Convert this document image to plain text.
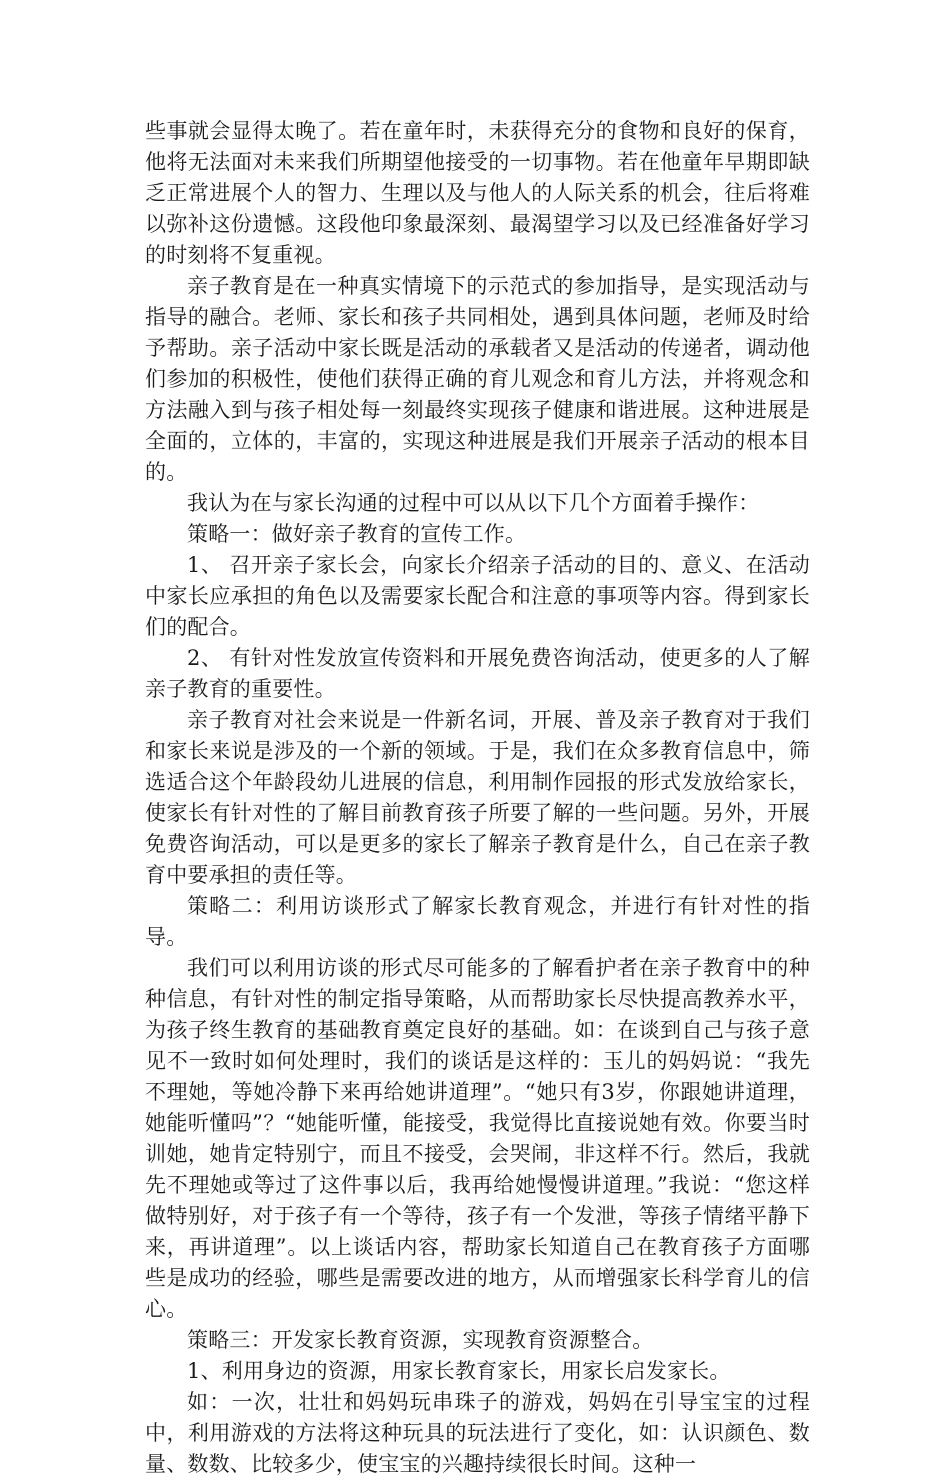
些事就会显得太晚了。若在童年时，未获得充分的食物和良好的保育，他将无法面对未来我们所期望他接受的一切事物。若在他童年早期即缺乏正常进展个人的智力、生理以及与他人的人际关系的机会，往后将难以弥补这份遗憾。这段他印象最深刻、最渴望学习以及已经准备好学习的时刻将不复重视。

亲子教育是在一种真实情境下的示范式的参加指导，是实现活动与指导的融合。老师、家长和孩子共同相处，遇到具体问题，老师及时给予帮助。亲子活动中家长既是活动的承载者又是活动的传递者，调动他们参加的积极性，使他们获得正确的育儿观念和育儿方法，并将观念和方法融入到与孩子相处每一刻最终实现孩子健康和谐进展。这种进展是全面的，立体的，丰富的，实现这种进展是我们开展亲子活动的根本目的。

我认为在与家长沟通的过程中可以从以下几个方面着手操作：

策略一：做好亲子教育的宣传工作。

1、 召开亲子家长会，向家长介绍亲子活动的目的、意义、在活动中家长应承担的角色以及需要家长配合和注意的事项等内容。得到家长们的配合。

2、 有针对性发放宣传资料和开展免费咨询活动，使更多的人了解亲子教育的重要性。

亲子教育对社会来说是一件新名词，开展、普及亲子教育对于我们和家长来说是涉及的一个新的领域。于是，我们在众多教育信息中，筛选适合这个年龄段幼儿进展的信息，利用制作园报的形式发放给家长，使家长有针对性的了解目前教育孩子所要了解的一些问题。另外，开展免费咨询活动，可以是更多的家长了解亲子教育是什么，自己在亲子教育中要承担的责任等。

策略二：利用访谈形式了解家长教育观念，并进行有针对性的指导。

我们可以利用访谈的形式尽可能多的了解看护者在亲子教育中的种种信息，有针对性的制定指导策略，从而帮助家长尽快提高教养水平，为孩子终生教育的基础教育奠定良好的基础。如：在谈到自己与孩子意见不一致时如何处理时，我们的谈话是这样的：玉儿的妈妈说：“我先不理她，等她冷静下来再给她讲道理”。“她只有3岁，你跟她讲道理，她能听懂吗”？“她能听懂，能接受，我觉得比直接说她有效。你要当时训她，她肯定特别宁，而且不接受，会哭闹，非这样不行。然后，我就先不理她或等过了这件事以后，我再给她慢慢讲道理。”我说：“您这样做特别好，对于孩子有一个等待，孩子有一个发泄，等孩子情绪平静下来，再讲道理”。以上谈话内容，帮助家长知道自己在教育孩子方面哪些是成功的经验，哪些是需要改进的地方，从而增强家长科学育儿的信心。

策略三：开发家长教育资源，实现教育资源整合。

1、利用身边的资源，用家长教育家长，用家长启发家长。

如：一次，壮壮和妈妈玩串珠子的游戏，妈妈在引导宝宝的过程中，利用游戏的方法将这种玩具的玩法进行了变化，如：认识颜色、数量、数数、比较多少，使宝宝的兴趣持续很长时间。这种一
